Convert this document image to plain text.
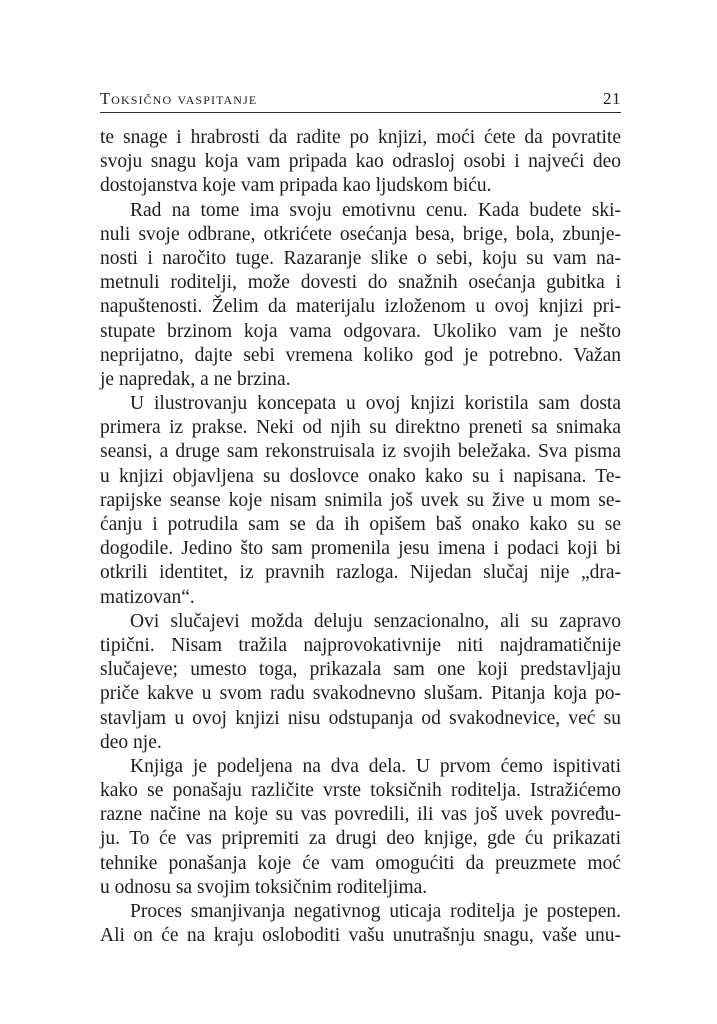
Toksično vaspitanje	21

te snage i hrabrosti da radite po knjizi, moći ćete da povratite
svoju snagu koja vam pripada kao odrasloj osobi i najveći deo
dostojanstva koje vam pripada kao ljudskom biću.

Rad na tome ima svoju emotivnu cenu. Kada budete ski-
nuli svoje odbrane, otkrićete osećanja besa, brige, bola, zbunje-
nosti i naročito tuge. Razaranje slike o sebi, koju su vam na-
metnuli roditelji, može dovesti do snažnih osećanja gubitka i
napuštenosti. Želim da materijalu izloženom u ovoj knjizi pri-
stupate brzinom koja vama odgovara. Ukoliko vam je nešto
neprijatno, dajte sebi vremena koliko god je potrebno. Važan
je napredak, a ne brzina.

U ilustrovanju koncepata u ovoj knjizi koristila sam dosta
primera iz prakse. Neki od njih su direktno preneti sa snimaka
seansi, a druge sam rekonstruisala iz svojih beležaka. Sva pisma
u knjizi objavljena su doslovce onako kako su i napisana. Te-
rapijske seanse koje nisam snimila još uvek su žive u mom se-
ćanju i potrudila sam se da ih opišem baš onako kako su se
dogodile. Jedino što sam promenila jesu imena i podaci koji bi
otkrili identitet, iz pravnih razloga. Nijedan slučaj nije „dra-
matizovan“.

Ovi slučajevi možda deluju senzacionalno, ali su zapravo
tipični. Nisam tražila najprovokativnije niti najdramatičnije
slučajeve; umesto toga, prikazala sam one koji predstavljaju
priče kakve u svom radu svakodnevno slušam. Pitanja koja po-
stavljam u ovoj knjizi nisu odstupanja od svakodnevice, već su
deo nje.

Knjiga je podeljena na dva dela. U prvom ćemo ispitivati
kako se ponašaju različite vrste toksičnih roditelja. Istražićemo
razne načine na koje su vas povredili, ili vas još uvek povređu-
ju. To će vas pripremiti za drugi deo knjige, gde ću prikazati
tehnike ponašanja koje će vam omogućiti da preuzmete moć
u odnosu sa svojim toksičnim roditeljima.

Proces smanjivanja negativnog uticaja roditelja je postepen.
Ali on će na kraju osloboditi vašu unutrašnju snagu, vaše unu-
